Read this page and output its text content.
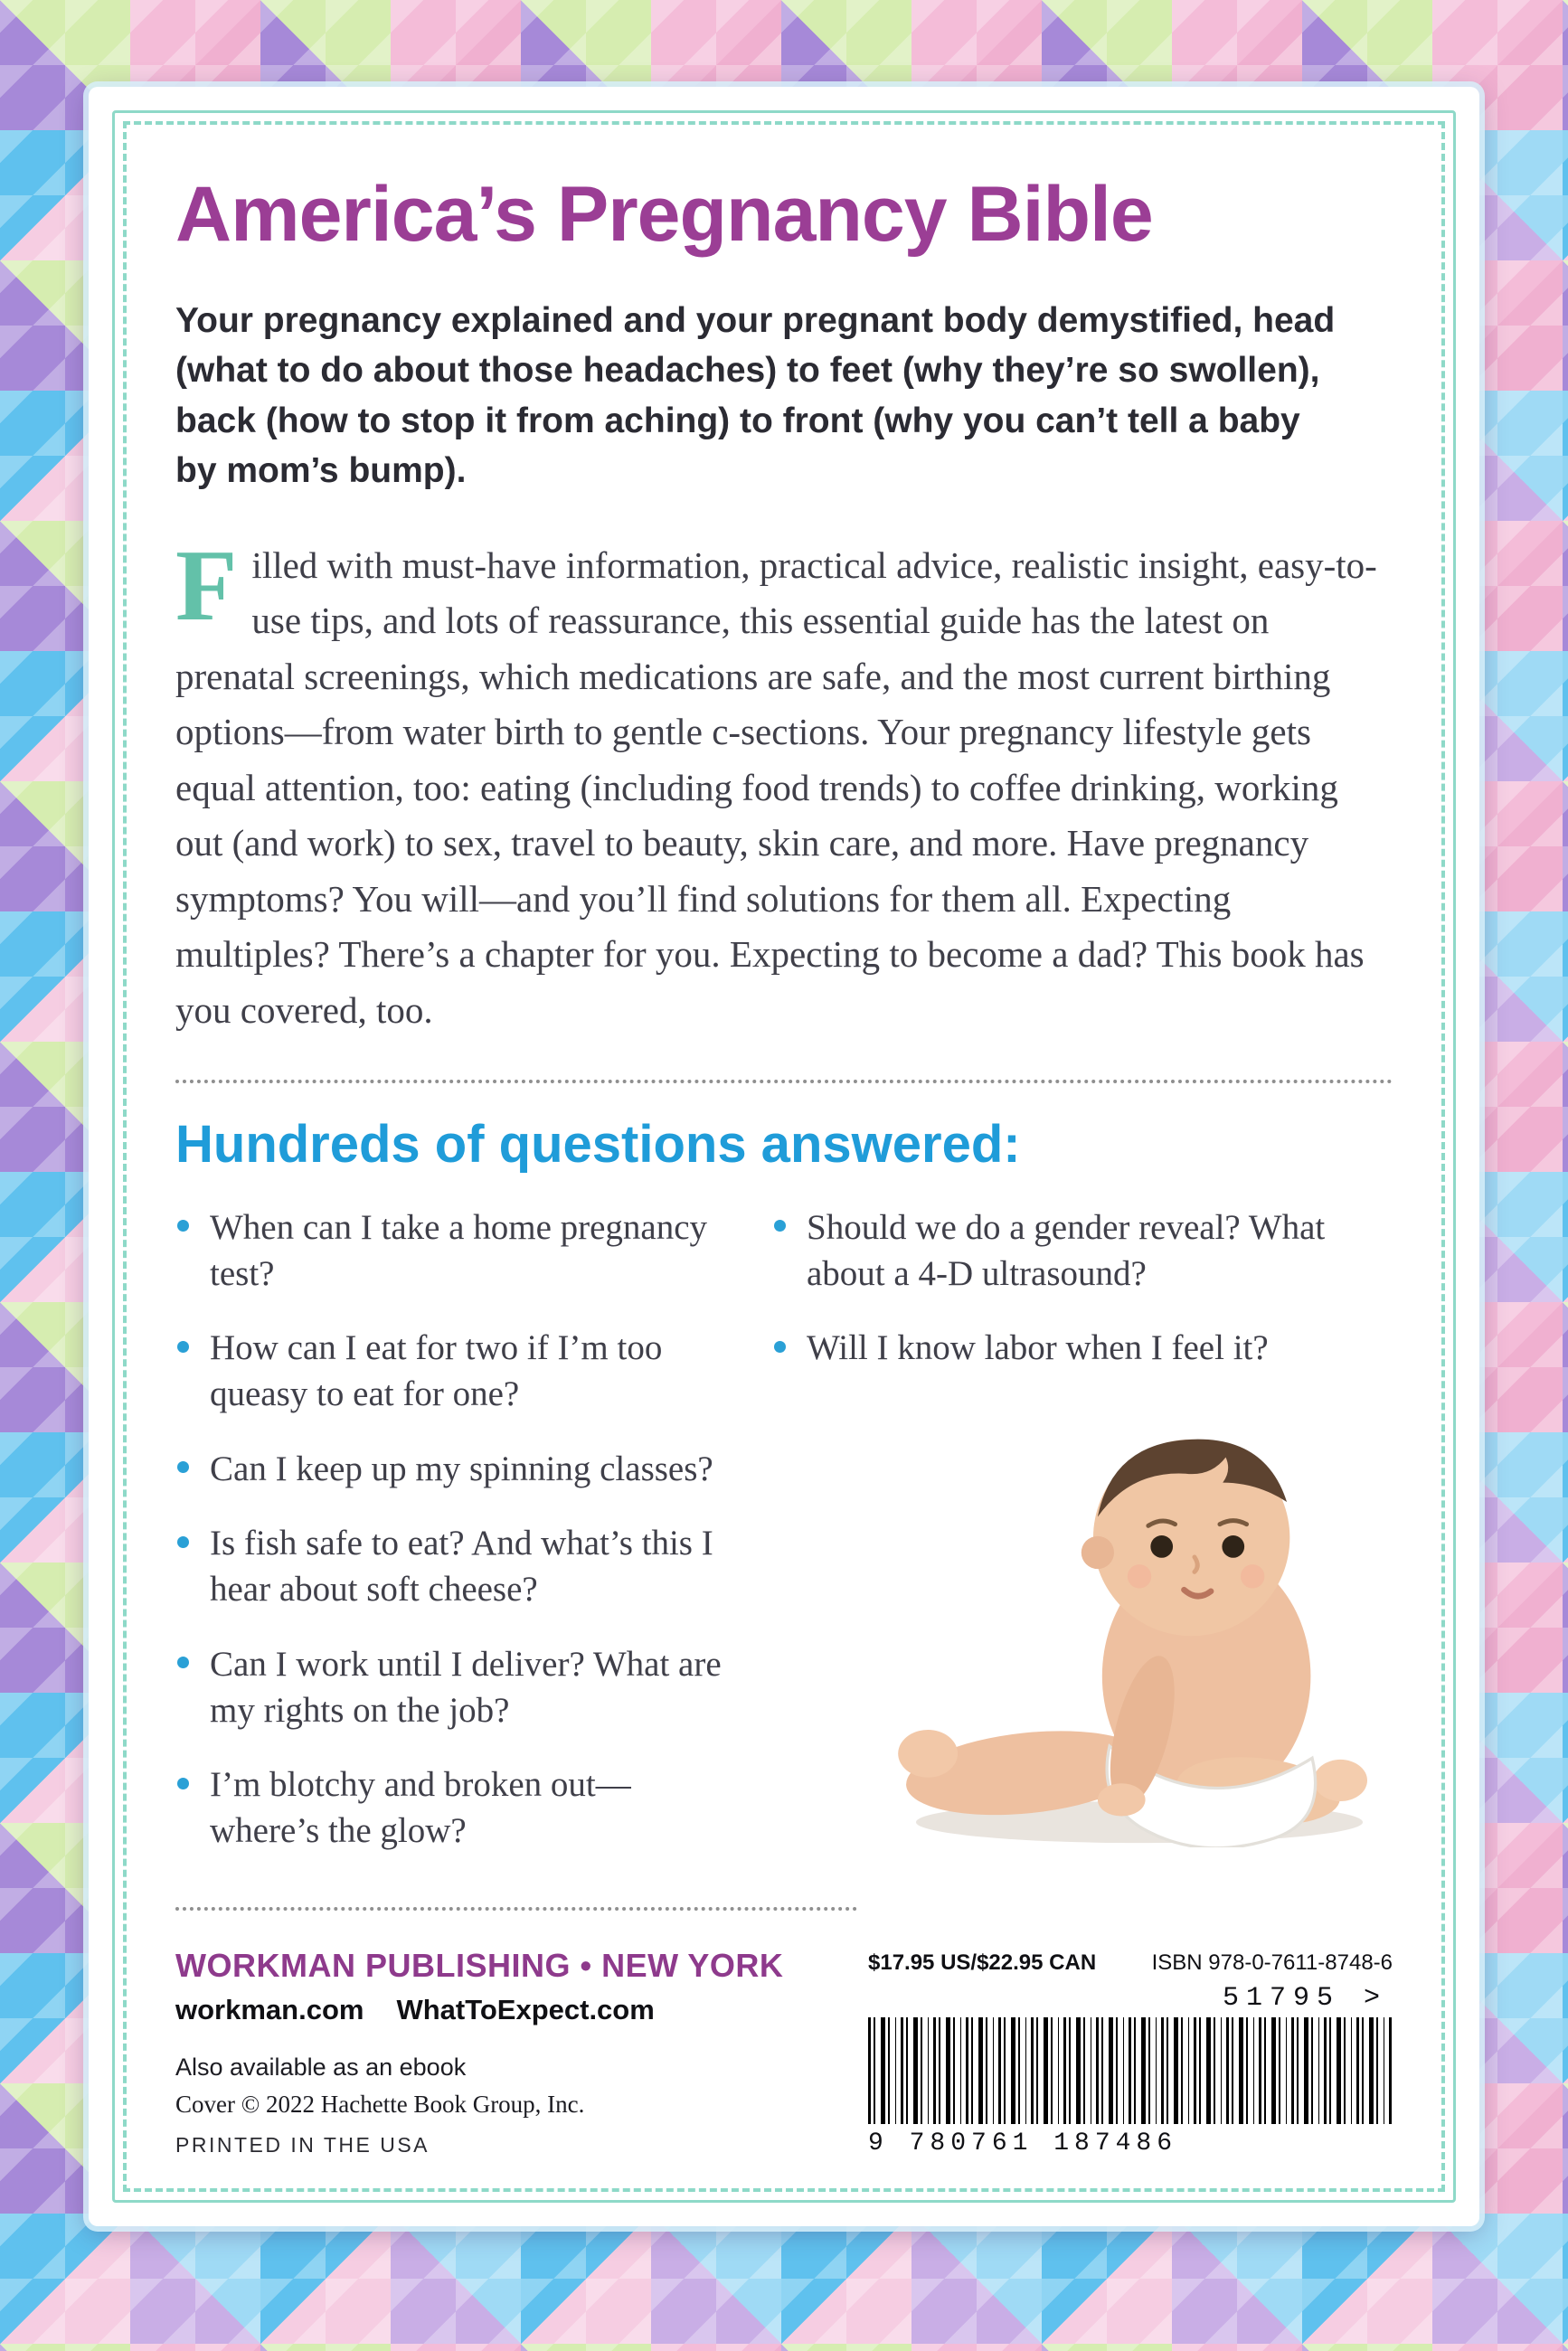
America’s Pregnancy Bible

Your pregnancy explained and your pregnant body demystified, head (what to do about those headaches) to feet (why they’re so swollen), back (how to stop it from aching) to front (why you can’t tell a baby by mom’s bump).

Filled with must-have information, practical advice, realistic insight, easy-to-use tips, and lots of reassurance, this essential guide has the latest on prenatal screenings, which medications are safe, and the most current birthing options—from water birth to gentle c-sections. Your pregnancy lifestyle gets equal attention, too: eating (including food trends) to coffee drinking, working out (and work) to sex, travel to beauty, skin care, and more. Have pregnancy symptoms? You will—and you’ll find solutions for them all. Expecting multiples? There’s a chapter for you. Expecting to become a dad? This book has you covered, too.

Hundreds of questions answered:
When can I take a home pregnancy test?
How can I eat for two if I’m too queasy to eat for one?
Can I keep up my spinning classes?
Is fish safe to eat? And what’s this I hear about soft cheese?
Can I work until I deliver? What are my rights on the job?
I’m blotchy and broken out—where’s the glow?
Should we do a gender reveal? What about a 4-D ultrasound?
Will I know labor when I feel it?
WORKMAN PUBLISHING • NEW YORK
workman.com WhatToExpect.com
Also available as an ebook
Cover © 2022 Hachette Book Group, Inc.
PRINTED IN THE USA
$17.95 US/$22.95 CAN	ISBN 978-0-7611-8748-6
51795 >
9 780761 187486
